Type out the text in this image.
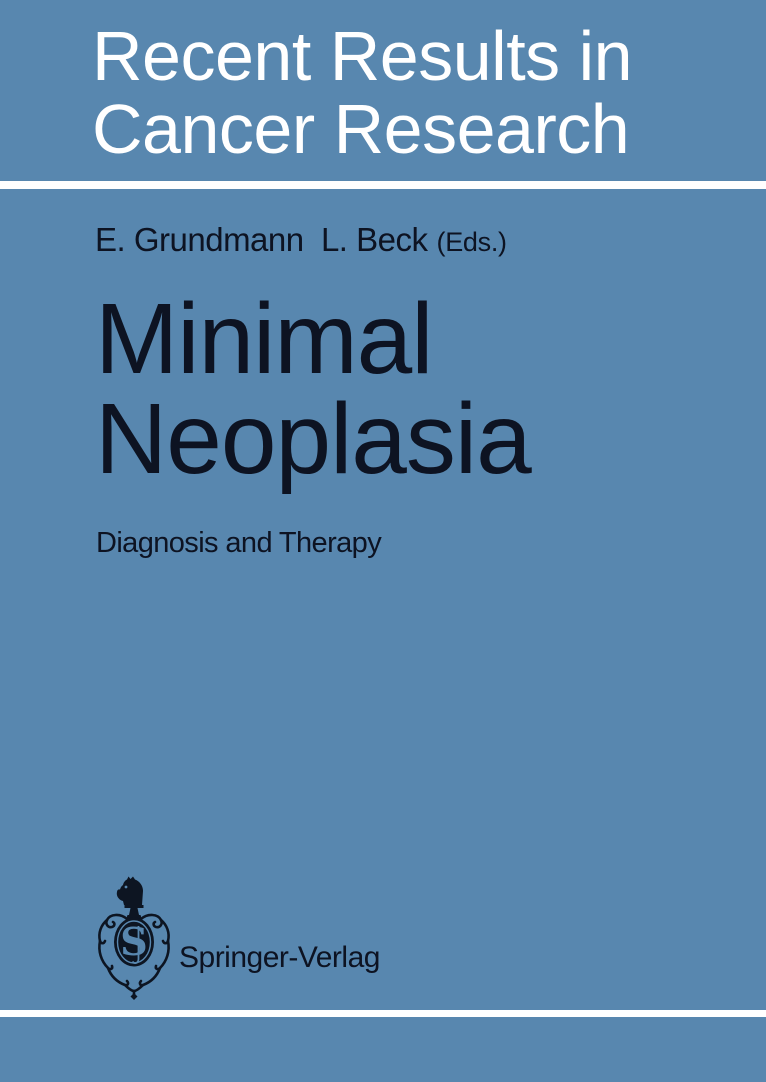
Recent Results in
Cancer Research
E. Grundmann  L. Beck (Eds.)
Minimal
Neoplasia
Diagnosis and Therapy
S Springer-Verlag
